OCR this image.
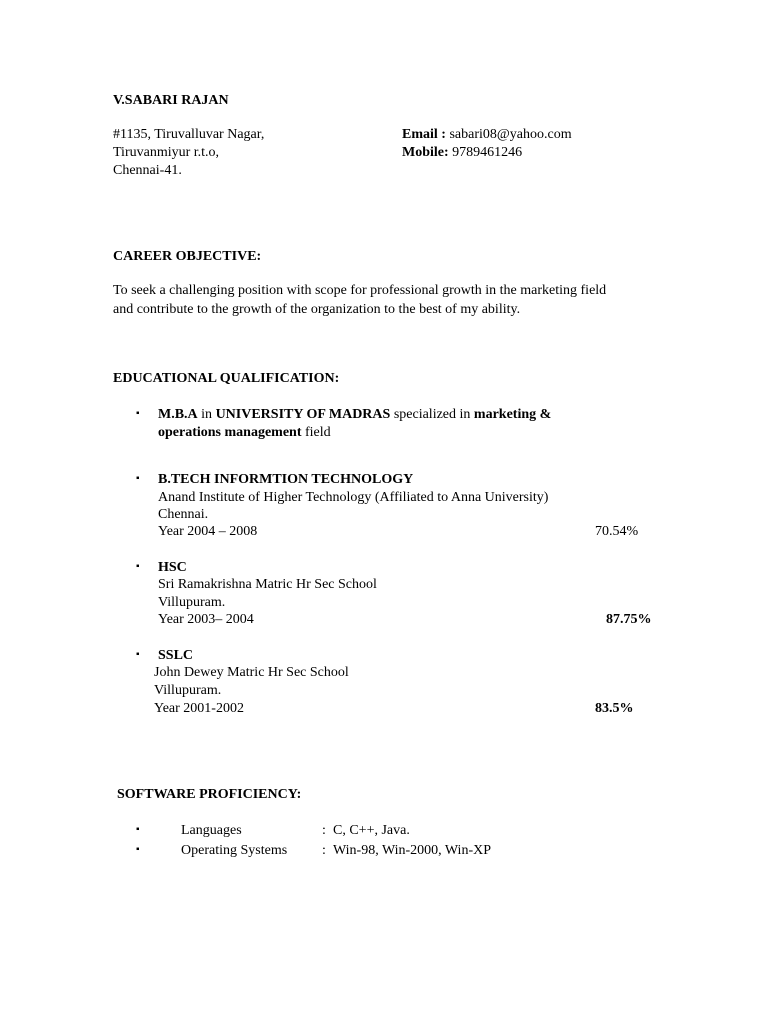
V.SABARI RAJAN
#1135, Tiruvalluvar Nagar,
Tiruvanmiyur r.t.o,
Chennai-41.
Email : sabari08@yahoo.com
Mobile: 9789461246
CAREER OBJECTIVE:
To seek a challenging position with scope for professional growth in the marketing field
and contribute to the growth of the organization to the best of my ability.
EDUCATIONAL QUALIFICATION:
▪ M.B.A in UNIVERSITY OF MADRAS specialized in marketing &
operations management field
▪ B.TECH INFORMTION TECHNOLOGY
Anand Institute of Higher Technology (Affiliated to Anna University)
Chennai.
Year 2004 – 2008	70.54%
▪ HSC
Sri Ramakrishna Matric Hr Sec School
Villupuram.
Year 2003– 2004	87.75%
▪ SSLC
John Dewey Matric Hr Sec School
Villupuram.
Year 2001-2002	83.5%
SOFTWARE PROFICIENCY:
▪	Languages	: C, C++, Java.
▪	Operating Systems : Win-98, Win-2000, Win-XP
